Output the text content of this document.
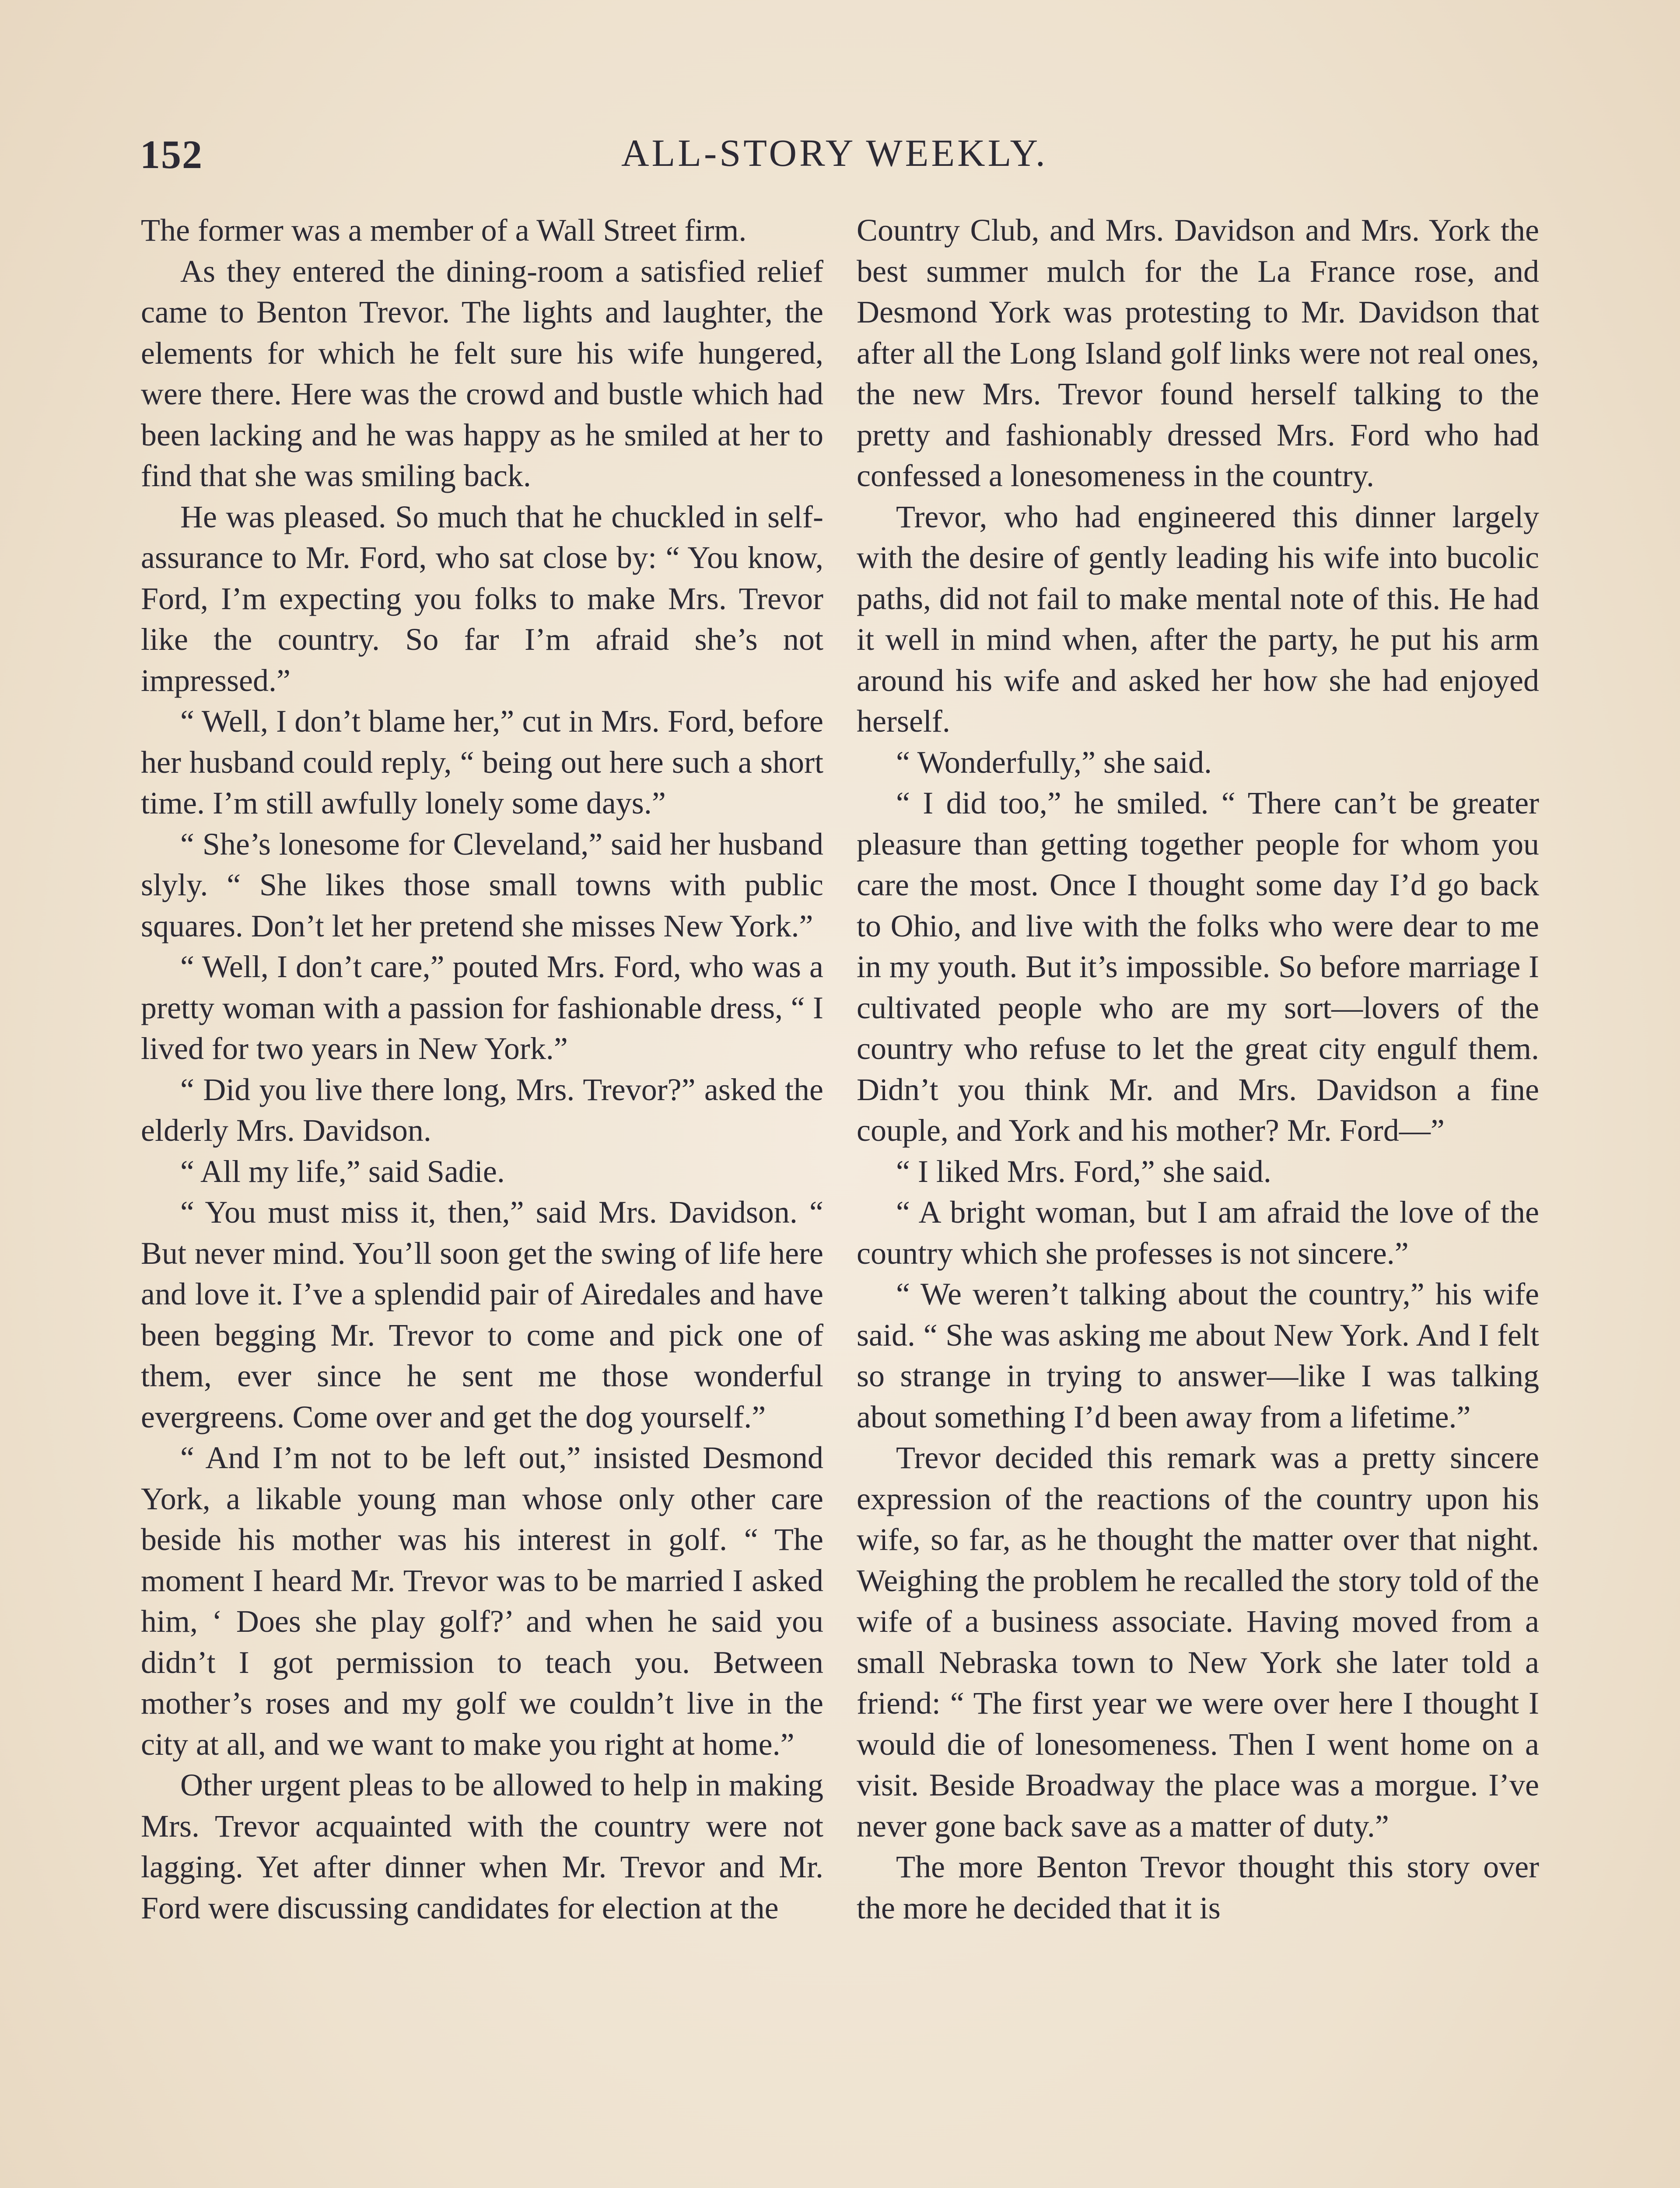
152	ALL-STORY WEEKLY.

The former was a member of a Wall Street firm.

As they entered the dining-room a satisfied relief came to Benton Trevor. The lights and laughter, the elements for which he felt sure his wife hungered, were there. Here was the crowd and bustle which had been lacking and he was happy as he smiled at her to find that she was smiling back.

He was pleased. So much that he chuckled in self-assurance to Mr. Ford, who sat close by: “ You know, Ford, I’m expecting you folks to make Mrs. Trevor like the country. So far I’m afraid she’s not impressed.”

“ Well, I don’t blame her,” cut in Mrs. Ford, before her husband could reply, “ being out here such a short time. I’m still awfully lonely some days.”

“ She’s lonesome for Cleveland,” said her husband slyly. “ She likes those small towns with public squares. Don’t let her pretend she misses New York.”

“ Well, I don’t care,” pouted Mrs. Ford, who was a pretty woman with a passion for fashionable dress, “ I lived for two years in New York.”

“ Did you live there long, Mrs. Trevor?” asked the elderly Mrs. Davidson.

“ All my life,” said Sadie.

“ You must miss it, then,” said Mrs. Davidson. “ But never mind. You’ll soon get the swing of life here and love it. I’ve a splendid pair of Airedales and have been begging Mr. Trevor to come and pick one of them, ever since he sent me those wonderful evergreens. Come over and get the dog yourself.”

“ And I’m not to be left out,” insisted Desmond York, a likable young man whose only other care beside his mother was his interest in golf. “ The moment I heard Mr. Trevor was to be married I asked him, ‘ Does she play golf?’ and when he said you didn’t I got permission to teach you. Between mother’s roses and my golf we couldn’t live in the city at all, and we want to make you right at home.”

Other urgent pleas to be allowed to help in making Mrs. Trevor acquainted with the country were not lagging. Yet after dinner when Mr. Trevor and Mr. Ford were discussing candidates for election at the

Country Club, and Mrs. Davidson and Mrs. York the best summer mulch for the La France rose, and Desmond York was protesting to Mr. Davidson that after all the Long Island golf links were not real ones, the new Mrs. Trevor found herself talking to the pretty and fashionably dressed Mrs. Ford who had confessed a lonesomeness in the country.

Trevor, who had engineered this dinner largely with the desire of gently leading his wife into bucolic paths, did not fail to make mental note of this. He had it well in mind when, after the party, he put his arm around his wife and asked her how she had enjoyed herself.

“ Wonderfully,” she said.

“ I did too,” he smiled. “ There can’t be greater pleasure than getting together people for whom you care the most. Once I thought some day I’d go back to Ohio, and live with the folks who were dear to me in my youth. But it’s impossible. So before marriage I cultivated people who are my sort—lovers of the country who refuse to let the great city engulf them. Didn’t you think Mr. and Mrs. Davidson a fine couple, and York and his mother? Mr. Ford—”

“ I liked Mrs. Ford,” she said.

“ A bright woman, but I am afraid the love of the country which she professes is not sincere.”

“ We weren’t talking about the country,” his wife said. “ She was asking me about New York. And I felt so strange in trying to answer—like I was talking about something I’d been away from a lifetime.”

Trevor decided this remark was a pretty sincere expression of the reactions of the country upon his wife, so far, as he thought the matter over that night. Weighing the problem he recalled the story told of the wife of a business associate. Having moved from a small Nebraska town to New York she later told a friend: “ The first year we were over here I thought I would die of lonesomeness. Then I went home on a visit. Beside Broadway the place was a morgue. I’ve never gone back save as a matter of duty.”

The more Benton Trevor thought this story over the more he decided that it is
